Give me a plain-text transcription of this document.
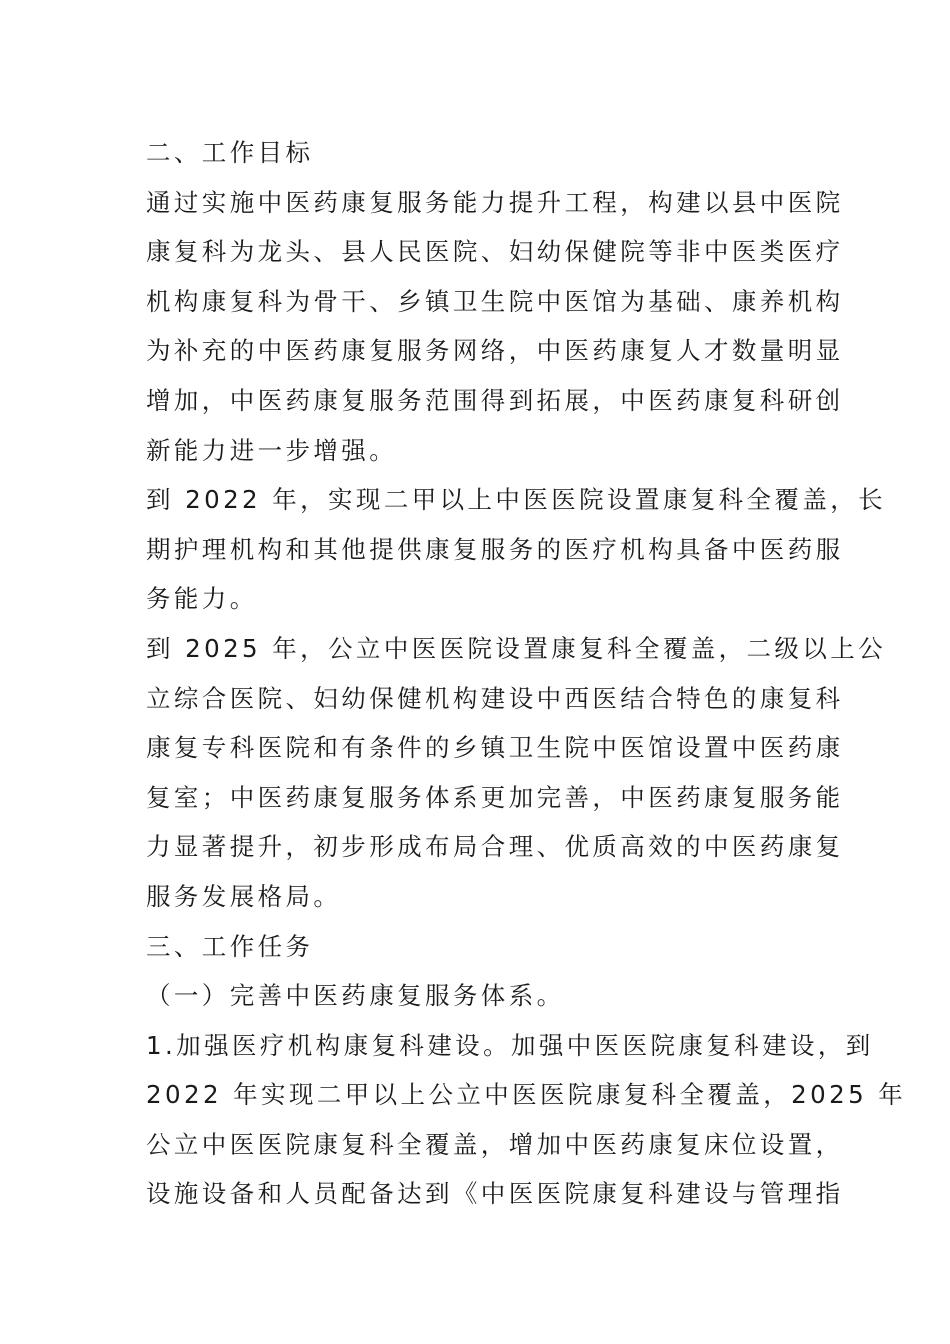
二、工作目标
通过实施中医药康复服务能力提升工程，构建以县中医院
康复科为龙头、县人民医院、妇幼保健院等非中医类医疗
机构康复科为骨干、乡镇卫生院中医馆为基础、康养机构
为补充的中医药康复服务网络，中医药康复人才数量明显
增加，中医药康复服务范围得到拓展，中医药康复科研创
新能力进一步增强。
到 2022 年，实现二甲以上中医医院设置康复科全覆盖，长
期护理机构和其他提供康复服务的医疗机构具备中医药服
务能力。
到 2025 年，公立中医医院设置康复科全覆盖，二级以上公
立综合医院、妇幼保健机构建设中西医结合特色的康复科
康复专科医院和有条件的乡镇卫生院中医馆设置中医药康
复室；中医药康复服务体系更加完善，中医药康复服务能
力显著提升，初步形成布局合理、优质高效的中医药康复
服务发展格局。
三、工作任务
（一）完善中医药康复服务体系。
1.加强医疗机构康复科建设。加强中医医院康复科建设，到
2022 年实现二甲以上公立中医医院康复科全覆盖，2025 年
公立中医医院康复科全覆盖，增加中医药康复床位设置，
设施设备和人员配备达到《中医医院康复科建设与管理指
